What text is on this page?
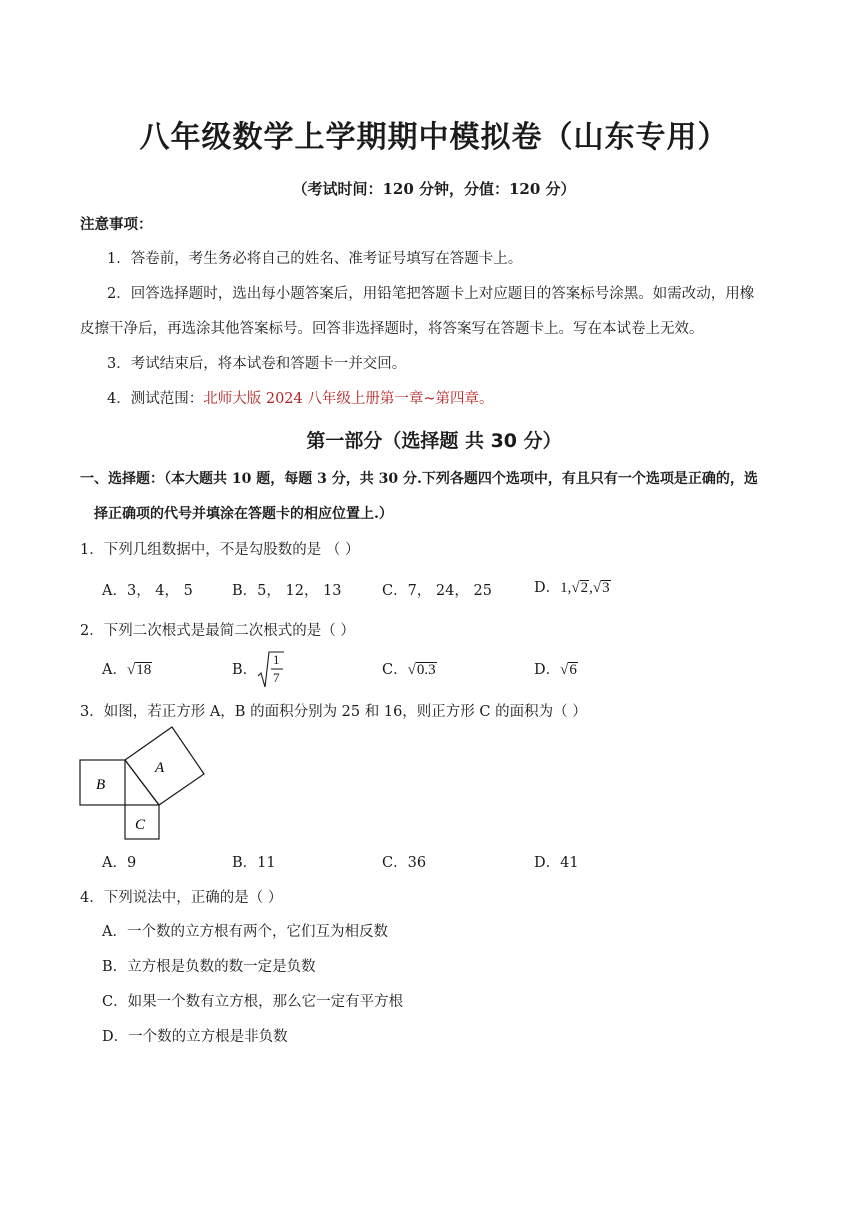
八年级数学上学期期中模拟卷（山东专用）
（考试时间：120 分钟，分值：120 分）
注意事项：
1．答卷前，考生务必将自己的姓名、准考证号填写在答题卡上。
2．回答选择题时，选出每小题答案后，用铅笔把答题卡上对应题目的答案标号涂黑。如需改动，用橡
皮擦干净后，再选涂其他答案标号。回答非选择题时，将答案写在答题卡上。写在本试卷上无效。
3．考试结束后，将本试卷和答题卡一并交回。
4．测试范围：北师大版 2024 八年级上册第一章~第四章。
第一部分（选择题 共 30 分）
一、选择题：（本大题共 10 题，每题 3 分，共 30 分.下列各题四个选项中，有且只有一个选项是正确的，选
择正确项的代号并填涂在答题卡的相应位置上.）
1．下列几组数据中，不是勾股数的是 （ ）
A．3， 4， 5	B．5， 12， 13	C．7， 24， 25	D．1,√2,√3
2．下列二次根式是最简二次根式的是（ ）
A．√18	B．
1
7	C．√0.3	D．√6
3．如图，若正方形 A，B 的面积分别为 25 和 16，则正方形 C 的面积为（ ）
A
B
C
A．9	B．11	C．36	D．41
4．下列说法中，正确的是（ ）
A．一个数的立方根有两个，它们互为相反数
B．立方根是负数的数一定是负数
C．如果一个数有立方根，那么它一定有平方根
D．一个数的立方根是非负数
